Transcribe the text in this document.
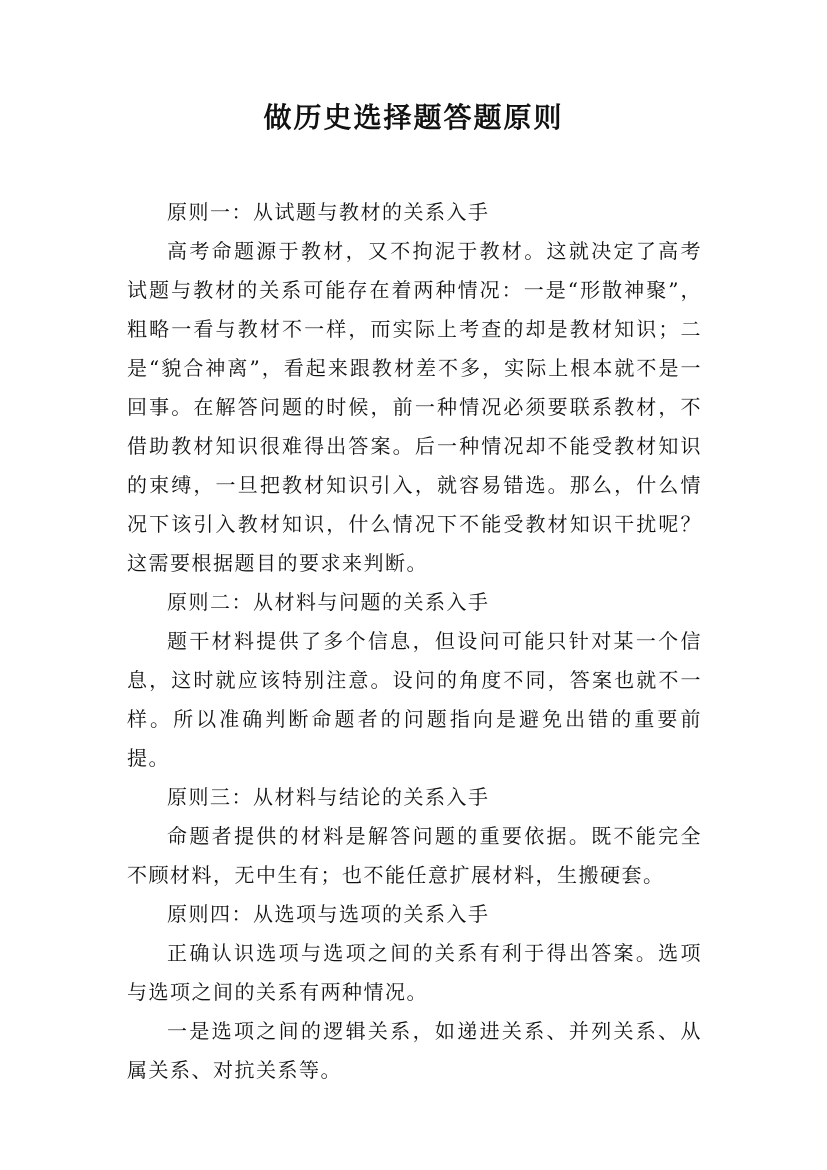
做历史选择题答题原则

原则一：从试题与教材的关系入手

高考命题源于教材，又不拘泥于教材。这就决定了高考试题与教材的关系可能存在着两种情况：一是“形散神聚”，粗略一看与教材不一样，而实际上考查的却是教材知识；二是“貌合神离”，看起来跟教材差不多，实际上根本就不是一回事。在解答问题的时候，前一种情况必须要联系教材，不借助教材知识很难得出答案。后一种情况却不能受教材知识的束缚，一旦把教材知识引入，就容易错选。那么，什么情况下该引入教材知识，什么情况下不能受教材知识干扰呢？这需要根据题目的要求来判断。

原则二：从材料与问题的关系入手

题干材料提供了多个信息，但设问可能只针对某一个信息，这时就应该特别注意。设问的角度不同，答案也就不一样。所以准确判断命题者的问题指向是避免出错的重要前提。

原则三：从材料与结论的关系入手

命题者提供的材料是解答问题的重要依据。既不能完全不顾材料，无中生有；也不能任意扩展材料，生搬硬套。

原则四：从选项与选项的关系入手

正确认识选项与选项之间的关系有利于得出答案。选项与选项之间的关系有两种情况。

一是选项之间的逻辑关系，如递进关系、并列关系、从属关系、对抗关系等。
